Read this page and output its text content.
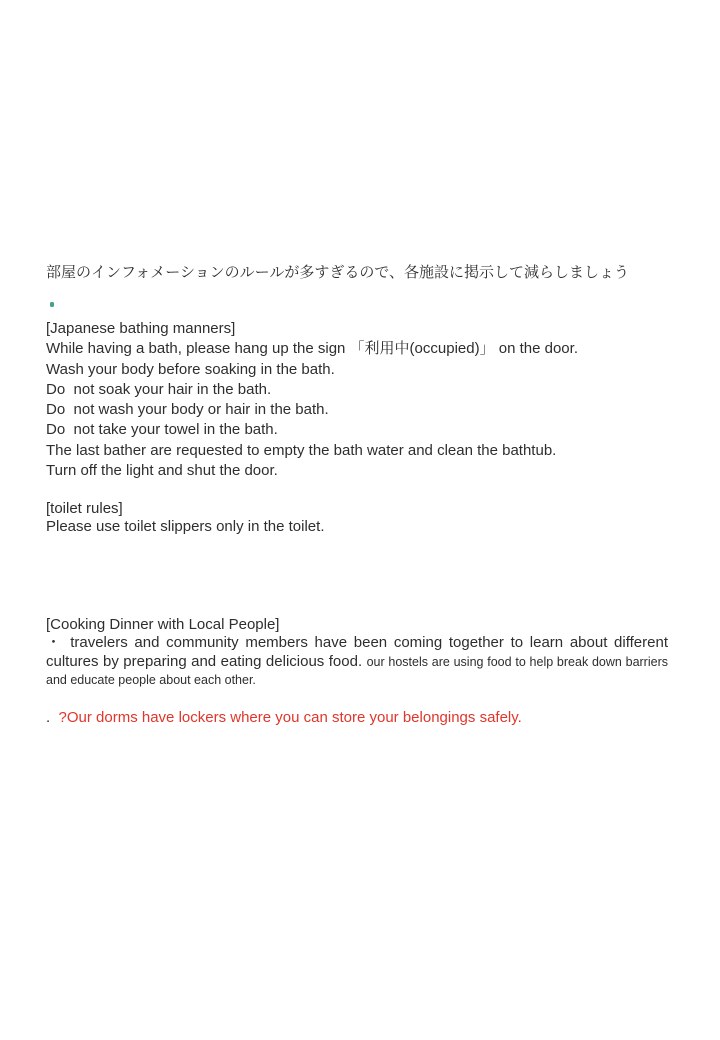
部屋のインフォメーションのルールが多すぎるので、各施設に掲示して減らしましょう
[Japanese bathing manners]
While having a bath, please hang up the sign 「利用中(occupied)」 on the door.
Wash your body before soaking in the bath.
Do  not soak your hair in the bath.
Do  not wash your body or hair in the bath.
Do  not take your towel in the bath.
The last bather are requested to empty the bath water and clean the bathtub.
Turn off the light and shut the door.
[toilet rules]
Please use toilet slippers only in the toilet.
[Cooking Dinner with Local People]

・ travelers and community members have been coming together to learn about different cultures by preparing and eating delicious food. our hostels are using food to help break down barriers and educate people about each other.

.  ?Our dorms have lockers where you can store your belongings safely.
